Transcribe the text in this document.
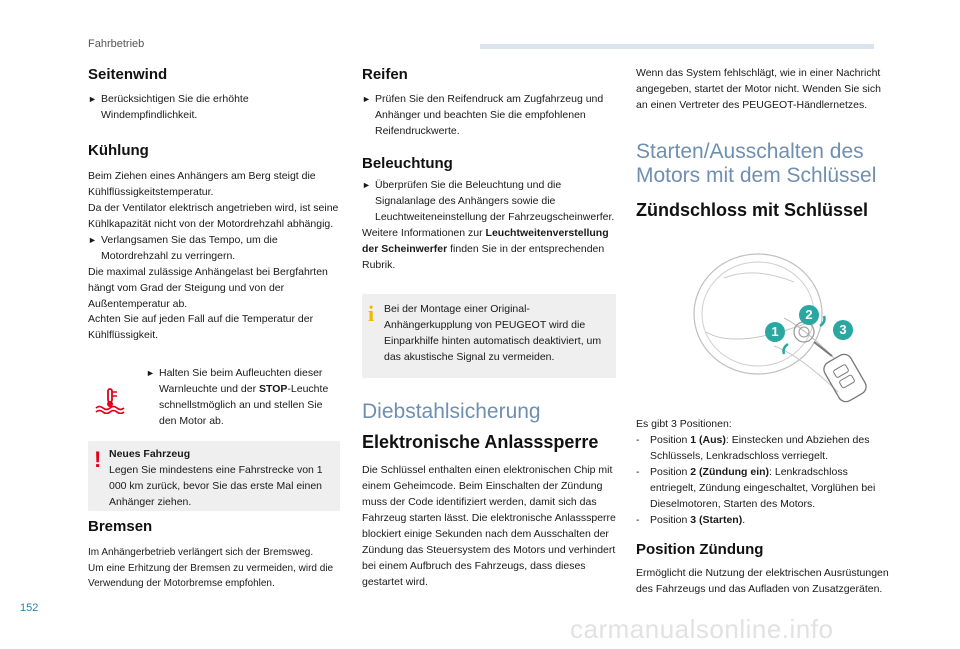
Fahrbetrieb
Seitenwind
► Berücksichtigen Sie die erhöhte Windempfindlichkeit.
Kühlung

Beim Ziehen eines Anhängers am Berg steigt die Kühlflüssigkeitstemperatur.

Da der Ventilator elektrisch angetrieben wird, ist seine Kühlkapazität nicht von der Motordrehzahl abhängig.

► Verlangsamen Sie das Tempo, um die Motordrehzahl zu verringern.

Die maximal zulässige Anhängelast bei Bergfahrten hängt vom Grad der Steigung und von der Außentemperatur ab.

Achten Sie auf jeden Fall auf die Temperatur der Kühlflüssigkeit.

► Halten Sie beim Aufleuchten dieser Warnleuchte und der STOP-Leuchte schnellstmöglich an und stellen Sie den Motor ab.
! Neues Fahrzeug
Legen Sie mindestens eine Fahrstrecke von 1 000 km zurück, bevor Sie das erste Mal einen Anhänger ziehen.
Bremsen

Im Anhängerbetrieb verlängert sich der Bremsweg.

Um eine Erhitzung der Bremsen zu vermeiden, wird die Verwendung der Motorbremse empfohlen.

Reifen
► Prüfen Sie den Reifendruck am Zugfahrzeug und Anhänger und beachten Sie die empfohlenen Reifendruckwerte.
Beleuchtung
► Überprüfen Sie die Beleuchtung und die Signalanlage des Anhängers sowie die Leuchtweiteneinstellung der Fahrzeugscheinwerfer.

Weitere Informationen zur Leuchtweitenverstellung der Scheinwerfer finden Sie in der entsprechenden Rubrik.

i Bei der Montage einer Original-Anhängerkupplung von PEUGEOT wird die Einparkhilfe hinten automatisch deaktiviert, um das akustische Signal zu vermeiden.
Diebstahlsicherung
Elektronische Anlasssperre

Die Schlüssel enthalten einen elektronischen Chip mit einem Geheimcode. Beim Einschalten der Zündung muss der Code identifiziert werden, damit sich das Fahrzeug starten lässt. Die elektronische Anlasssperre blockiert einige Sekunden nach dem Ausschalten der Zündung das Steuersystem des Motors und verhindert bei einem Aufbruch des Fahrzeugs, dass dieses gestartet wird.

Wenn das System fehlschlägt, wie in einer Nachricht angegeben, startet der Motor nicht. Wenden Sie sich an einen Vertreter des PEUGEOT-Händlernetzes.

Starten/Ausschalten des Motors mit dem Schlüssel
Zündschloss mit Schlüssel
1
2
3

Es gibt 3 Positionen:

-	Position 1 (Aus): Einstecken und Abziehen des Schlüssels, Lenkradschloss verriegelt.
-	Position 2 (Zündung ein): Lenkradschloss entriegelt, Zündung eingeschaltet, Vorglühen bei Dieselmotoren, Starten des Motors.
-	Position 3 (Starten).
Position Zündung

Ermöglicht die Nutzung der elektrischen Ausrüstungen des Fahrzeugs und das Aufladen von Zusatzgeräten.

152
carmanualsonline.info
